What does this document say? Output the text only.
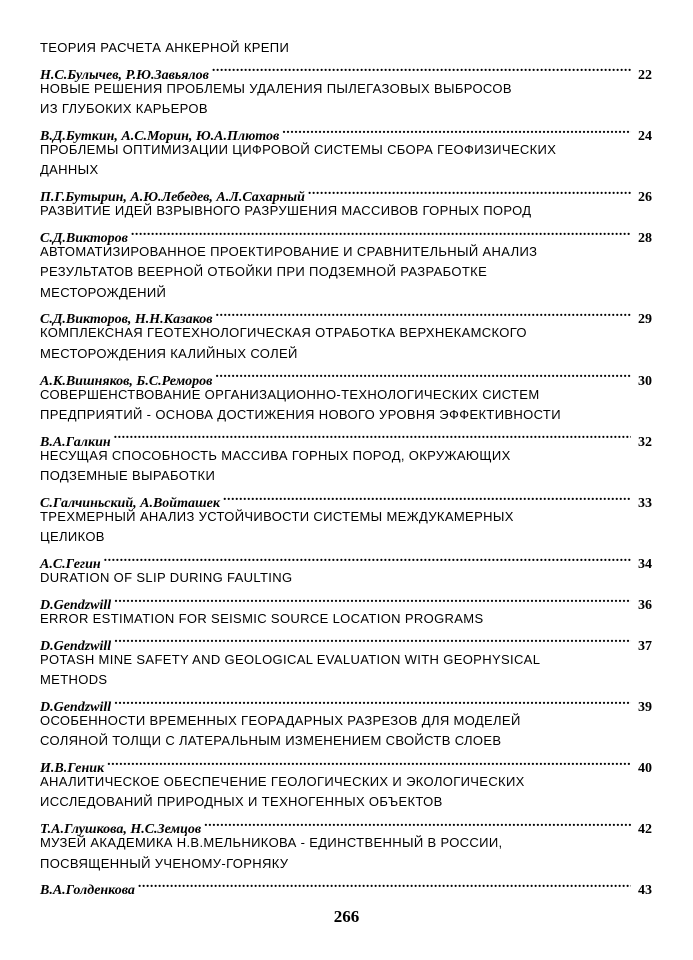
ТЕОРИЯ РАСЧЕТА АНКЕРНОЙ КРЕПИ
Н.С.Булычев, Р.Ю.Завьялов .....	22
НОВЫЕ РЕШЕНИЯ ПРОБЛЕМЫ УДАЛЕНИЯ ПЫЛЕГАЗОВЫХ ВЫБРОСОВ
ИЗ ГЛУБОКИХ КАРЬЕРОВ
В.Д.Буткин, А.С.Морин, Ю.А.Плютов .....	24
ПРОБЛЕМЫ ОПТИМИЗАЦИИ ЦИФРОВОЙ СИСТЕМЫ СБОРА ГЕОФИЗИЧЕСКИХ
ДАННЫХ
П.Г.Бутырин, А.Ю.Лебедев, А.Л.Сахарный .....	26
РАЗВИТИЕ ИДЕЙ ВЗРЫВНОГО РАЗРУШЕНИЯ МАССИВОВ ГОРНЫХ ПОРОД
С.Д.Викторов .....	28
АВТОМАТИЗИРОВАННОЕ ПРОЕКТИРОВАНИЕ И СРАВНИТЕЛЬНЫЙ АНАЛИЗ
РЕЗУЛЬТАТОВ ВЕЕРНОЙ ОТБОЙКИ ПРИ ПОДЗЕМНОЙ РАЗРАБОТКЕ
МЕСТОРОЖДЕНИЙ
С.Д.Викторов, Н.Н.Казаков .....	29
КОМПЛЕКСНАЯ ГЕОТЕХНОЛОГИЧЕСКАЯ ОТРАБОТКА ВЕРХНЕКАМСКОГО
МЕСТОРОЖДЕНИЯ КАЛИЙНЫХ СОЛЕЙ
А.К.Вишняков, Б.С.Реморов .....	30
СОВЕРШЕНСТВОВАНИЕ ОРГАНИЗАЦИОННО-ТЕХНОЛОГИЧЕСКИХ СИСТЕМ
ПРЕДПРИЯТИЙ - ОСНОВА ДОСТИЖЕНИЯ НОВОГО УРОВНЯ ЭФФЕКТИВНОСТИ
В.А.Галкин .....	32
НЕСУЩАЯ СПОСОБНОСТЬ МАССИВА ГОРНЫХ ПОРОД, ОКРУЖАЮЩИХ
ПОДЗЕМНЫЕ ВЫРАБОТКИ
С.Галчиньский, А.Войташек .....	33
ТРЕХМЕРНЫЙ АНАЛИЗ УСТОЙЧИВОСТИ СИСТЕМЫ МЕЖДУКАМЕРНЫХ
ЦЕЛИКОВ
А.С.Гегин .....	34
DURATION OF SLIP DURING FAULTING
D.Gendzwill .....	36
ERROR ESTIMATION FOR SEISMIC SOURCE LOCATION PROGRAMS
D.Gendzwill .....	37
POTASH MINE SAFETY AND GEOLOGICAL EVALUATION WITH GEOPHYSICAL
METHODS
D.Gendzwill .....	39
ОСОБЕННОСТИ ВРЕМЕННЫХ ГЕОРАДАРНЫХ РАЗРЕЗОВ ДЛЯ МОДЕЛЕЙ
СОЛЯНОЙ ТОЛЩИ С ЛАТЕРАЛЬНЫМ ИЗМЕНЕНИЕМ СВОЙСТВ СЛОЕВ
И.В.Геник .....	40
АНАЛИТИЧЕСКОЕ ОБЕСПЕЧЕНИЕ ГЕОЛОГИЧЕСКИХ И ЭКОЛОГИЧЕСКИХ
ИССЛЕДОВАНИЙ ПРИРОДНЫХ И ТЕХНОГЕННЫХ ОБЪЕКТОВ
Т.А.Глушкова, Н.С.Земцов .....	42
МУЗЕЙ АКАДЕМИКА Н.В.МЕЛЬНИКОВА - ЕДИНСТВЕННЫЙ В РОССИИ,
ПОСВЯЩЕННЫЙ УЧЕНОМУ-ГОРНЯКУ
В.А.Голденкова .....	43
266
